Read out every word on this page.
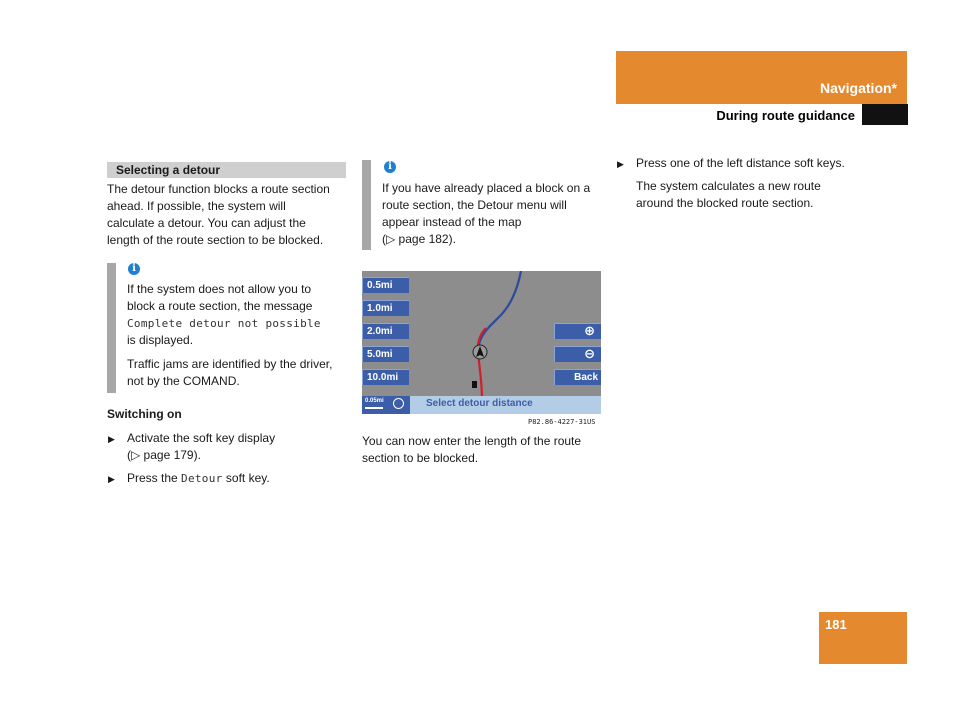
Navigation*
During route guidance
Selecting a detour
The detour function blocks a route section
ahead. If possible, the system will
calculate a detour. You can adjust the
length of the route section to be blocked.
i
If the system does not allow you to
block a route section, the message
Complete detour not possible
is displayed.
Traffic jams are identified by the driver,
not by the COMAND.
Switching on
▶ Activate the soft key display
(▷ page 179).
▶ Press the Detour soft key.
i
If you have already placed a block on a
route section, the Detour menu will
appear instead of the map
(▷ page 182).
0.5mi
1.0mi
2.0mi
5.0mi
10.0mi
⊕
⊖
Back
0.05mi	Select detour distance
P82.86-4227-31US
You can now enter the length of the route
section to be blocked.
▶ Press one of the left distance soft keys.
The system calculates a new route
around the blocked route section.
181
